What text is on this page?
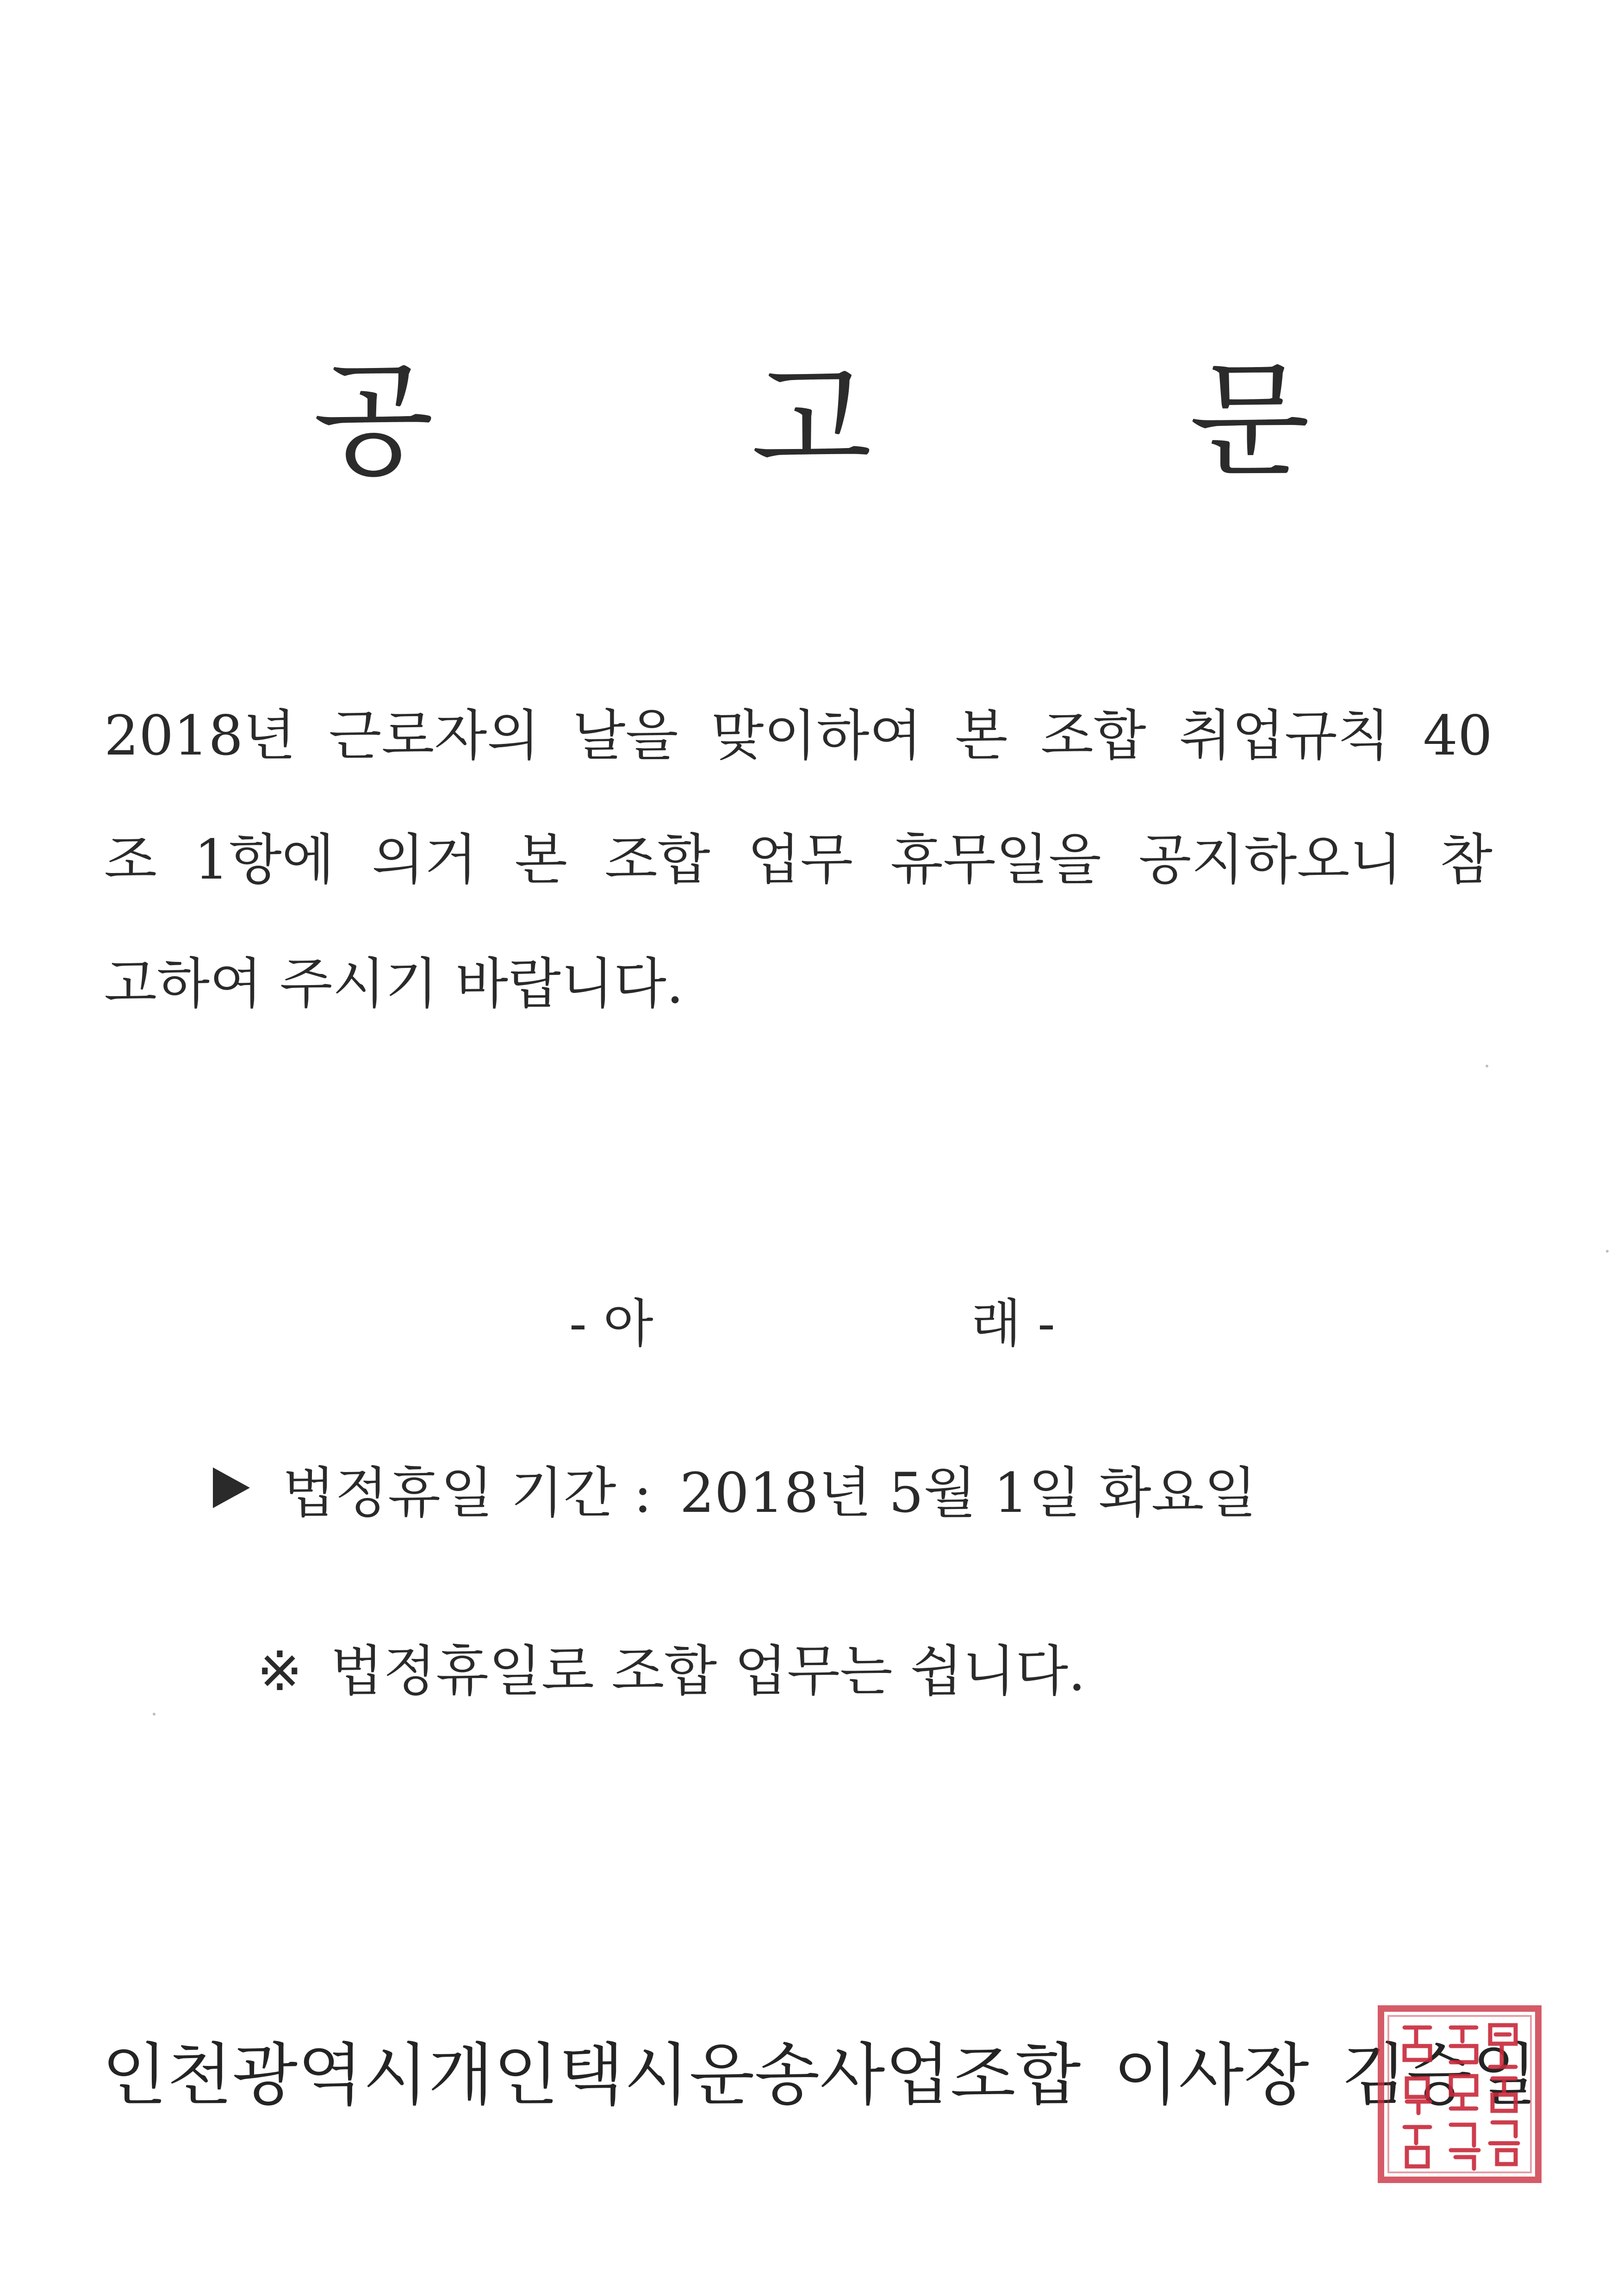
공	고	문
2018년 근로자의 날을 맞이하여 본 조합 취업규칙 40
조 1항에 의거 본 조합 업무 휴무일을 공지하오니 참
고하여 주시기 바랍니다.
- 아	래 -
법정휴일 기간 : 2018년 5월 1일 화요일
※ 법정휴일로 조합 업무는 쉽니다.
인천광역시개인택시운송사업조합 이사장 김승일
